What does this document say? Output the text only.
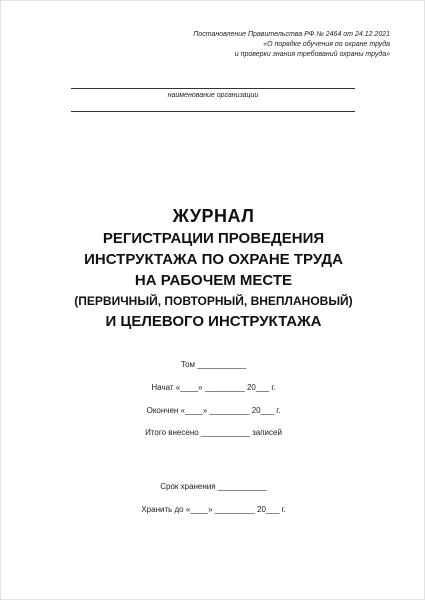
Постановление Правительства РФ № 2464 от 24.12.2021
«О порядке обучения по охране труда
и проверки знания требований охраны труда»
наименование организации
ЖУРНАЛ
РЕГИСТРАЦИИ ПРОВЕДЕНИЯ
ИНСТРУКТАЖА ПО ОХРАНЕ ТРУДА
НА РАБОЧЕМ МЕСТЕ
(ПЕРВИЧНЫЙ, ПОВТОРНЫЙ, ВНЕПЛАНОВЫЙ)
И ЦЕЛЕВОГО ИНСТРУКТАЖА
Том ___________
Начат «____» _________ 20___ г.
Окончен «____» _________ 20___ г.
Итого внесено ___________ записей
Срок хранения ___________
Хранить до «____» _________ 20___ г.
